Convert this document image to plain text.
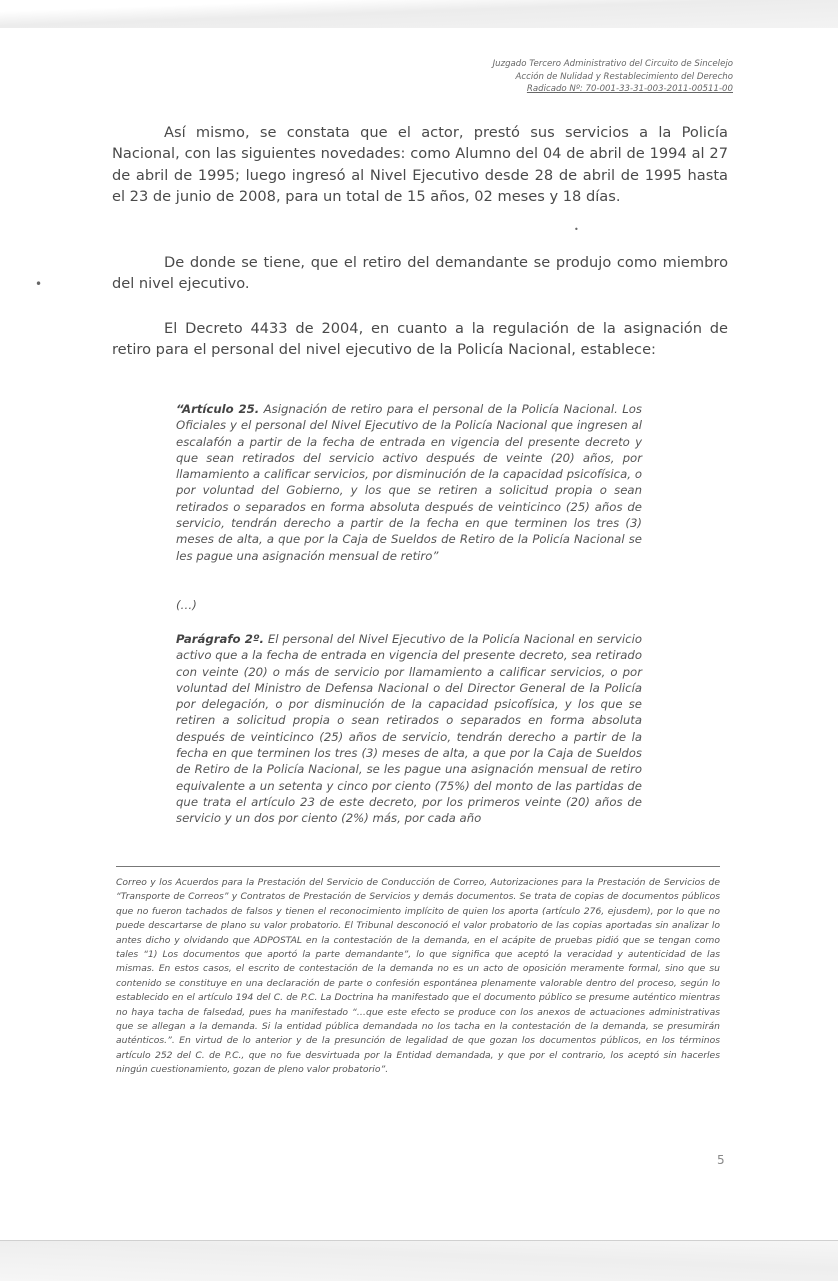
Juzgado Tercero Administrativo del Circuito de Sincelejo
Acción de Nulidad y Restablecimiento del Derecho
Radicado Nº: 70-001-33-31-003-2011-00511-00

Así mismo, se constata que el actor, prestó sus servicios a la Policía Nacional, con las siguientes novedades: como Alumno del 04 de abril de 1994 al 27 de abril de 1995; luego ingresó al Nivel Ejecutivo desde 28 de abril de 1995 hasta el 23 de junio de 2008, para un total de 15 años, 02 meses y 18 días.

De donde se tiene, que el retiro del demandante se produjo como miembro del nivel ejecutivo.

El Decreto 4433 de 2004, en cuanto a la regulación de la asignación de retiro para el personal del nivel ejecutivo de la Policía Nacional, establece:

•
•

“Artículo 25. Asignación de retiro para el personal de la Policía Nacional. Los Oficiales y el personal del Nivel Ejecutivo de la Policía Nacional que ingresen al escalafón a partir de la fecha de entrada en vigencia del presente decreto y que sean retirados del servicio activo después de veinte (20) años, por llamamiento a calificar servicios, por disminución de la capacidad psicofísica, o por voluntad del Gobierno, y los que se retiren a solicitud propia o sean retirados o separados en forma absoluta después de veinticinco (25) años de servicio, tendrán derecho a partir de la fecha en que terminen los tres (3) meses de alta, a que por la Caja de Sueldos de Retiro de la Policía Nacional se les pague una asignación mensual de retiro”

(…)

Parágrafo 2º. El personal del Nivel Ejecutivo de la Policía Nacional en servicio activo que a la fecha de entrada en vigencia del presente decreto, sea retirado con veinte (20) o más de servicio por llamamiento a calificar servicios, o por voluntad del Ministro de Defensa Nacional o del Director General de la Policía por delegación, o por disminución de la capacidad psicofísica, y los que se retiren a solicitud propia o sean retirados o separados en forma absoluta después de veinticinco (25) años de servicio, tendrán derecho a partir de la fecha en que terminen los tres (3) meses de alta, a que por la Caja de Sueldos de Retiro de la Policía Nacional, se les pague una asignación mensual de retiro equivalente a un setenta y cinco por ciento (75%) del monto de las partidas de que trata el artículo 23 de este decreto, por los primeros veinte (20) años de servicio y un dos por ciento (2%) más, por cada año

Correo y los Acuerdos para la Prestación del Servicio de Conducción de Correo, Autorizaciones para la Prestación de Servicios de “Transporte de Correos” y Contratos de Prestación de Servicios y demás documentos. Se trata de copias de documentos públicos que no fueron tachados de falsos y tienen el reconocimiento implícito de quien los aporta (artículo 276, ejusdem), por lo que no puede descartarse de plano su valor probatorio. El Tribunal desconoció el valor probatorio de las copias aportadas sin analizar lo antes dicho y olvidando que ADPOSTAL en la contestación de la demanda, en el acápite de pruebas pidió que se tengan como tales “1) Los documentos que aportó la parte demandante”, lo que significa que aceptó la veracidad y autenticidad de las mismas. En estos casos, el escrito de contestación de la demanda no es un acto de oposición meramente formal, sino que su contenido se constituye en una declaración de parte o confesión espontánea plenamente valorable dentro del proceso, según lo establecido en el artículo 194 del C. de P.C. La Doctrina ha manifestado que el documento público se presume auténtico mientras no haya tacha de falsedad, pues ha manifestado “…que este efecto se produce con los anexos de actuaciones administrativas que se allegan a la demanda. Si la entidad pública demandada no los tacha en la contestación de la demanda, se presumirán auténticos.”. En virtud de lo anterior y de la presunción de legalidad de que gozan los documentos públicos, en los términos artículo 252 del C. de P.C., que no fue desvirtuada por la Entidad demandada, y que por el contrario, los aceptó sin hacerles ningún cuestionamiento, gozan de pleno valor probatorio”.

5
